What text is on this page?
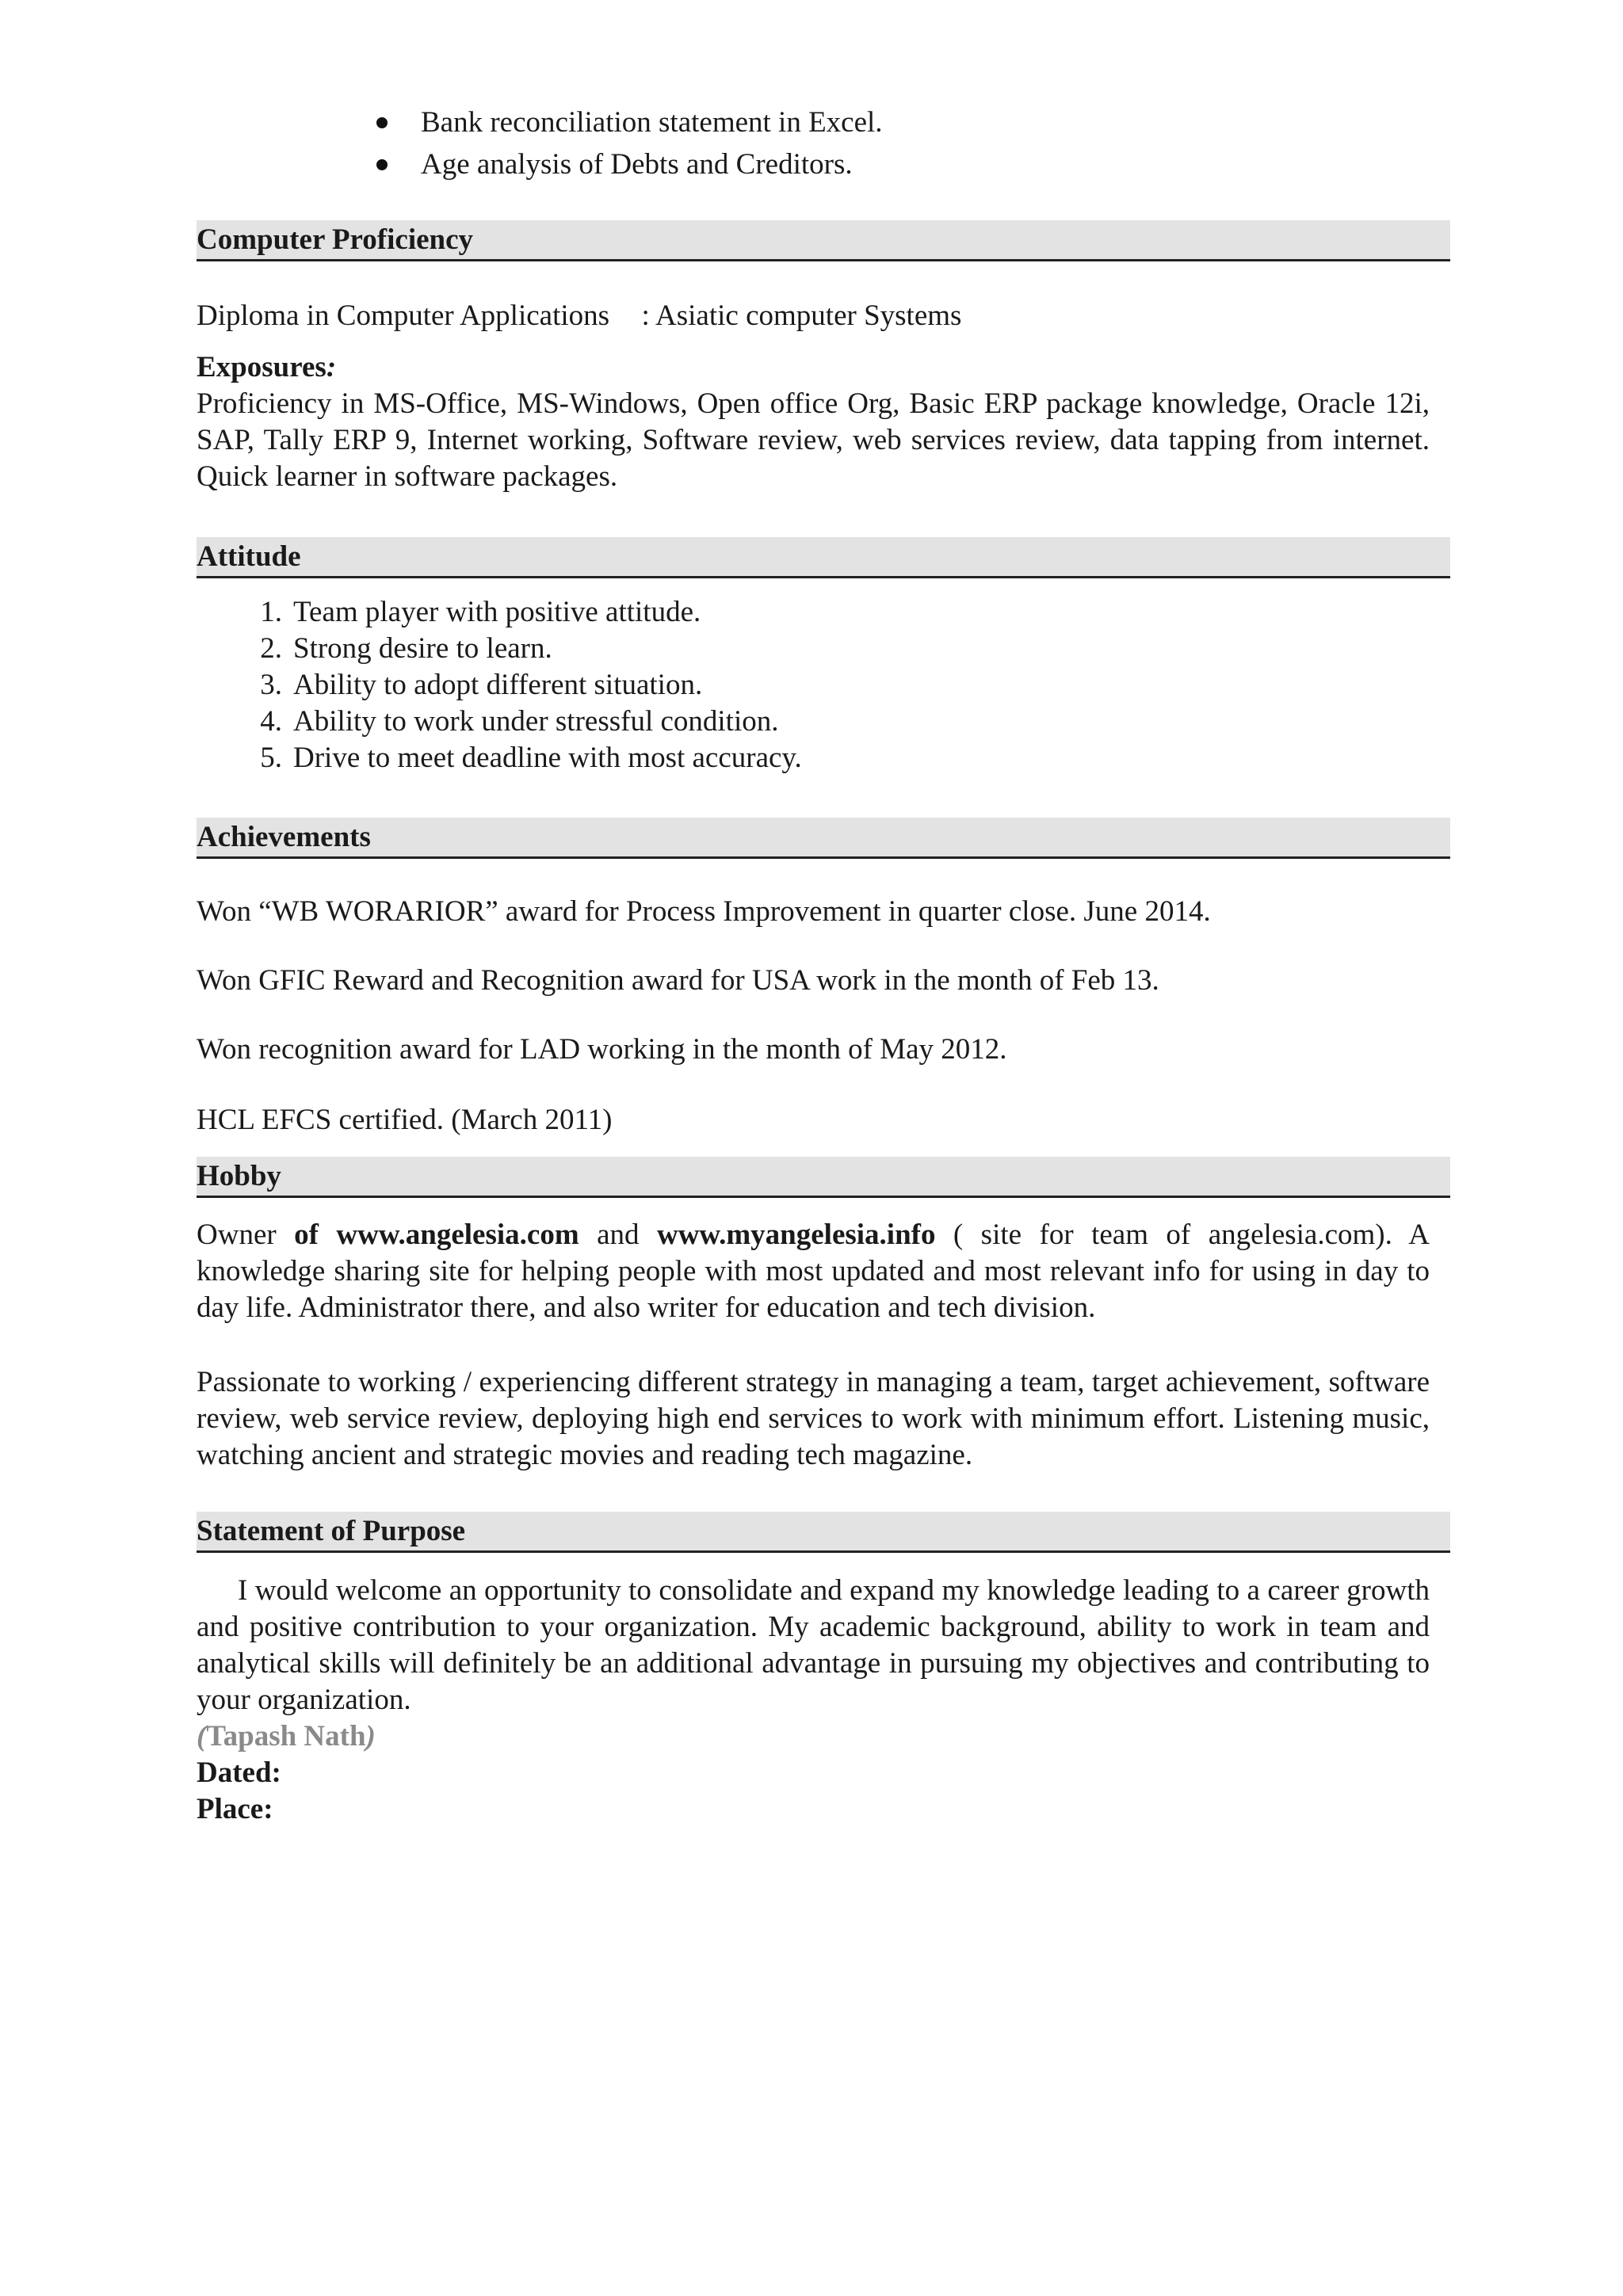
Bank reconciliation statement in Excel.
Age analysis of Debts and Creditors.
Computer Proficiency
Diploma in Computer Applications : Asiatic computer Systems
Exposures:
Proficiency in MS-Office, MS-Windows, Open office Org, Basic ERP package knowledge, Oracle 12i, SAP, Tally ERP 9, Internet working, Software review, web services review, data tapping from internet. Quick learner in software packages.
Attitude
1. Team player with positive attitude.
2. Strong desire to learn.
3. Ability to adopt different situation.
4. Ability to work under stressful condition.
5. Drive to meet deadline with most accuracy.
Achievements
Won “WB WORARIOR” award for Process Improvement in quarter close. June 2014.
Won GFIC Reward and Recognition award for USA work in the month of Feb 13.
Won recognition award for LAD working in the month of May 2012.
HCL EFCS certified. (March 2011)
Hobby
Owner of www.angelesia.com and www.myangelesia.info ( site for team of angelesia.com). A knowledge sharing site for helping people with most updated and most relevant info for using in day to day life. Administrator there, and also writer for education and tech division.
Passionate to working / experiencing different strategy in managing a team, target achievement, software review, web service review, deploying high end services to work with minimum effort. Listening music, watching ancient and strategic movies and reading tech magazine.
Statement of Purpose
I would welcome an opportunity to consolidate and expand my knowledge leading to a career growth and positive contribution to your organization. My academic background, ability to work in team and analytical skills will definitely be an additional advantage in pursuing my objectives and contributing to your organization.
(Tapash Nath)
Dated:
Place:
